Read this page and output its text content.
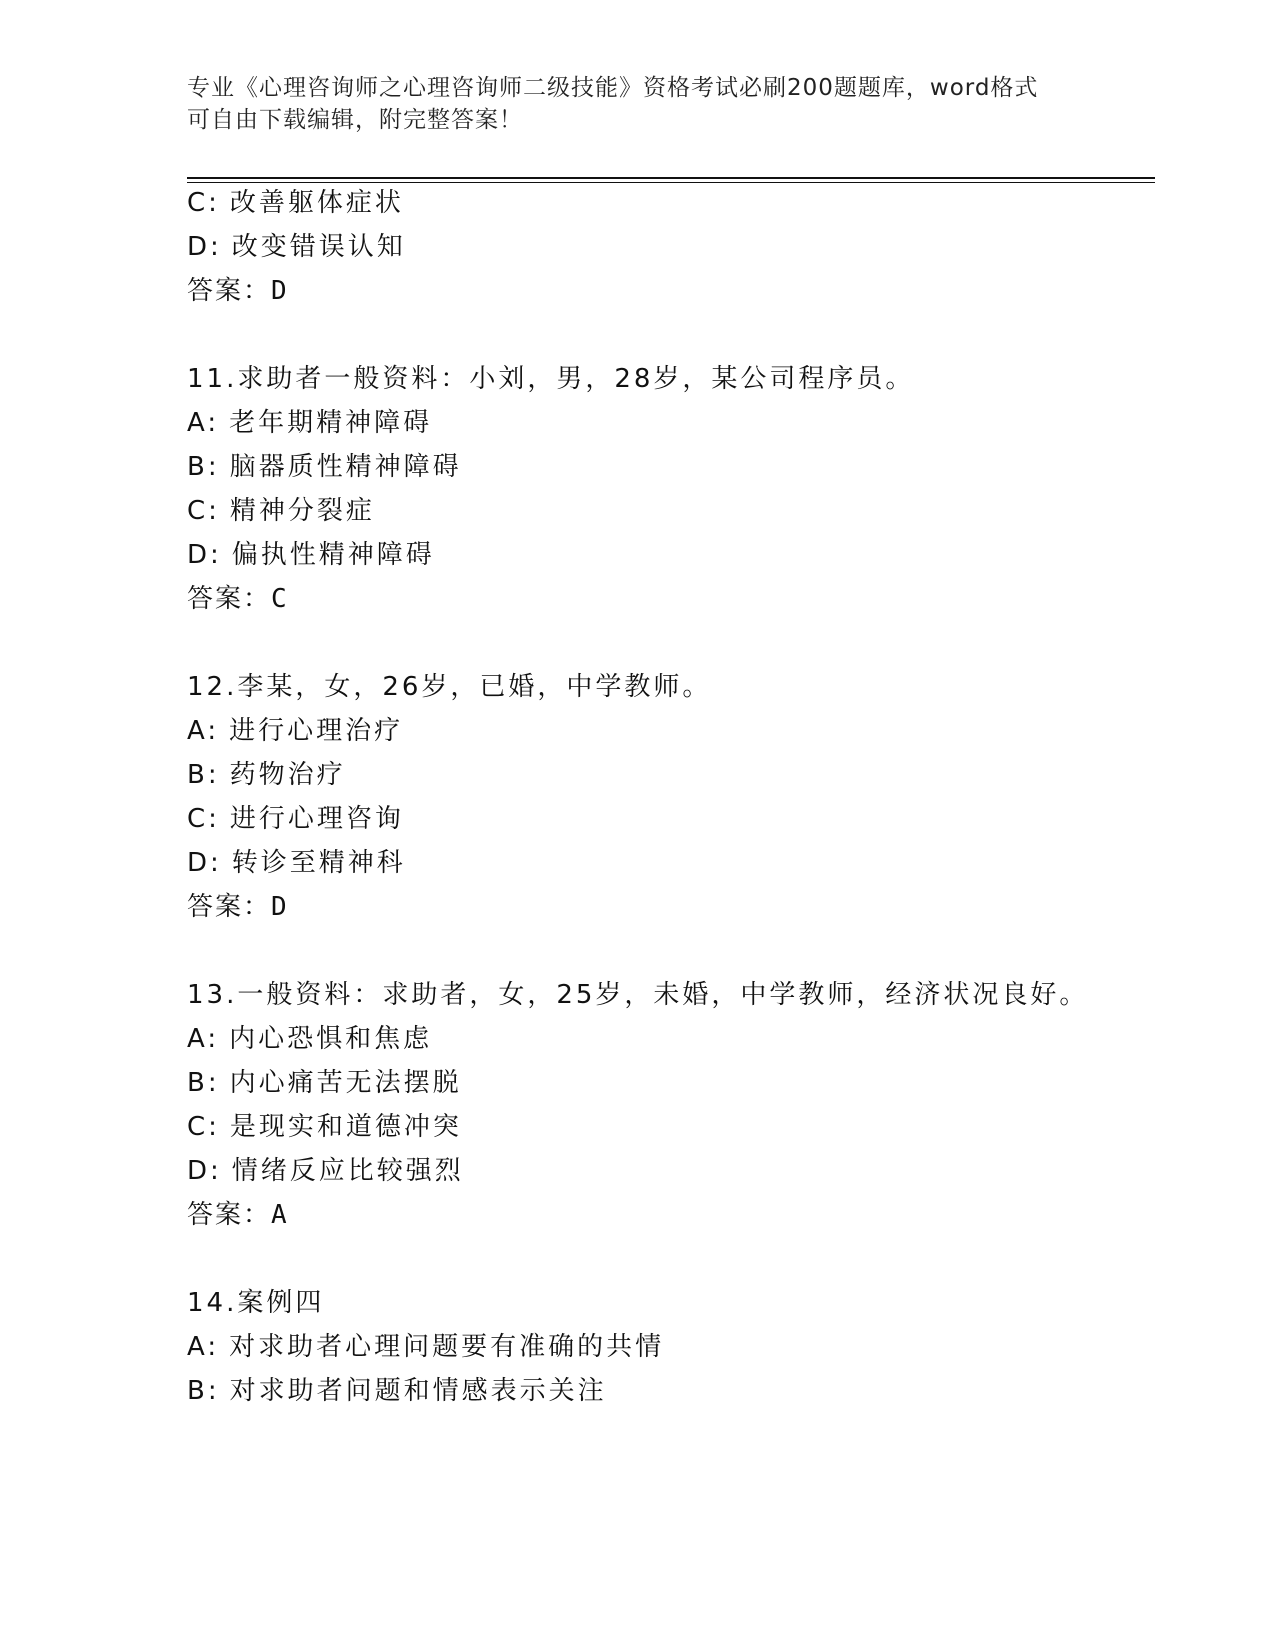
专业《心理咨询师之心理咨询师二级技能》资格考试必刷200题题库，word格式
可自由下载编辑，附完整答案！
C: 改善躯体症状
D: 改变错误认知
答案：D
11.求助者一般资料：小刘，男，28岁，某公司程序员。
A: 老年期精神障碍
B: 脑器质性精神障碍
C: 精神分裂症
D: 偏执性精神障碍
答案：C
12.李某，女，26岁，已婚，中学教师。
A: 进行心理治疗
B: 药物治疗
C: 进行心理咨询
D: 转诊至精神科
答案：D
13.一般资料：求助者，女，25岁，未婚，中学教师，经济状况良好。
A: 内心恐惧和焦虑
B: 内心痛苦无法摆脱
C: 是现实和道德冲突
D: 情绪反应比较强烈
答案：A
14.案例四
A: 对求助者心理问题要有准确的共情
B: 对求助者问题和情感表示关注
